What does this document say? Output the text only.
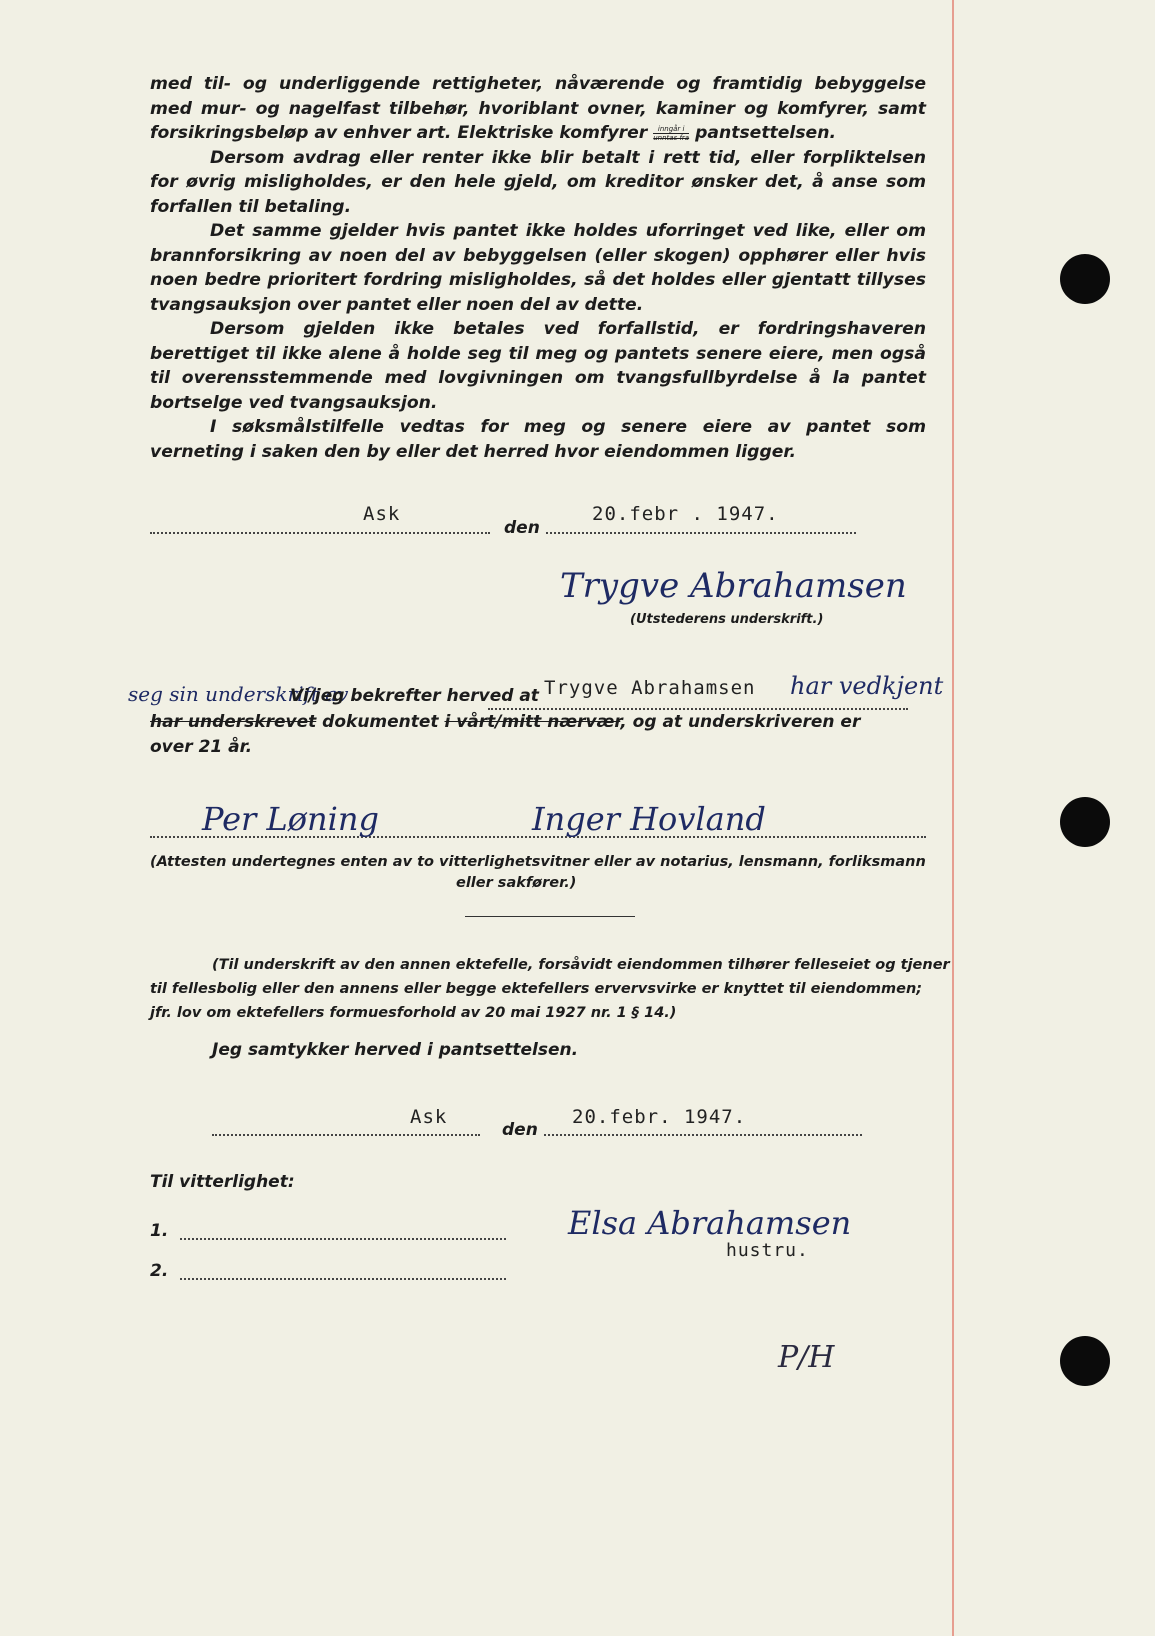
med til- og underliggende rettigheter, nåværende og framtidig bebyggelse med mur- og nagelfast tilbehør, hvoriblant ovner, kaminer og komfyrer, samt forsikringsbeløp av enhver art. Elektriske komfyrer	inngår i
unntas fra pantsettelsen.

Dersom avdrag eller renter ikke blir betalt i rett tid, eller forpliktelsen for øvrig misligholdes, er den hele gjeld, om kreditor ønsker det, å anse som forfallen til betaling.

Det samme gjelder hvis pantet ikke holdes uforringet ved like, eller om brannforsikring av noen del av bebyggelsen (eller skogen) opphører eller hvis noen bedre prioritert fordring misligholdes, så det holdes eller gjentatt tillyses tvangsauksjon over pantet eller noen del av dette.

Dersom gjelden ikke betales ved forfallstid, er fordringshaveren berettiget til ikke alene å holde seg til meg og pantets senere eiere, men også til overensstemmende med lovgivningen om tvangsfullbyrdelse å la pantet bortselge ved tvangsauksjon.

I søksmålstilfelle vedtas for meg og senere eiere av pantet som verneting i saken den by eller det herred hvor eiendommen ligger.

Ask
den
20.febr . 1947.
Trygve Abrahamsen
(Utstederens underskrift.)
seg sin underskrift av
Vi/jeg bekrefter herved at Trygve Abrahamsen har vedkjent
har underskrevet dokumentet i vårt/mitt nærvær, og at underskriveren er
over 21 år.
Per Løning	Inger Hovland
(Attesten undertegnes enten av to vitterlighetsvitner eller av notarius, lensmann, forliksmann
eller sakfører.)
(Til underskrift av den annen ektefelle, forsåvidt eiendommen tilhører felleseiet og tjener
til fellesbolig eller den annens eller begge ektefellers ervervsvirke er knyttet til eiendommen;
jfr. lov om ektefellers formuesforhold av 20 mai 1927 nr. 1 § 14.)
Jeg samtykker herved i pantsettelsen.
Ask
den
20.febr. 1947.
Til vitterlighet:
1.
2.
Elsa Abrahamsen
hustru.
P/H
